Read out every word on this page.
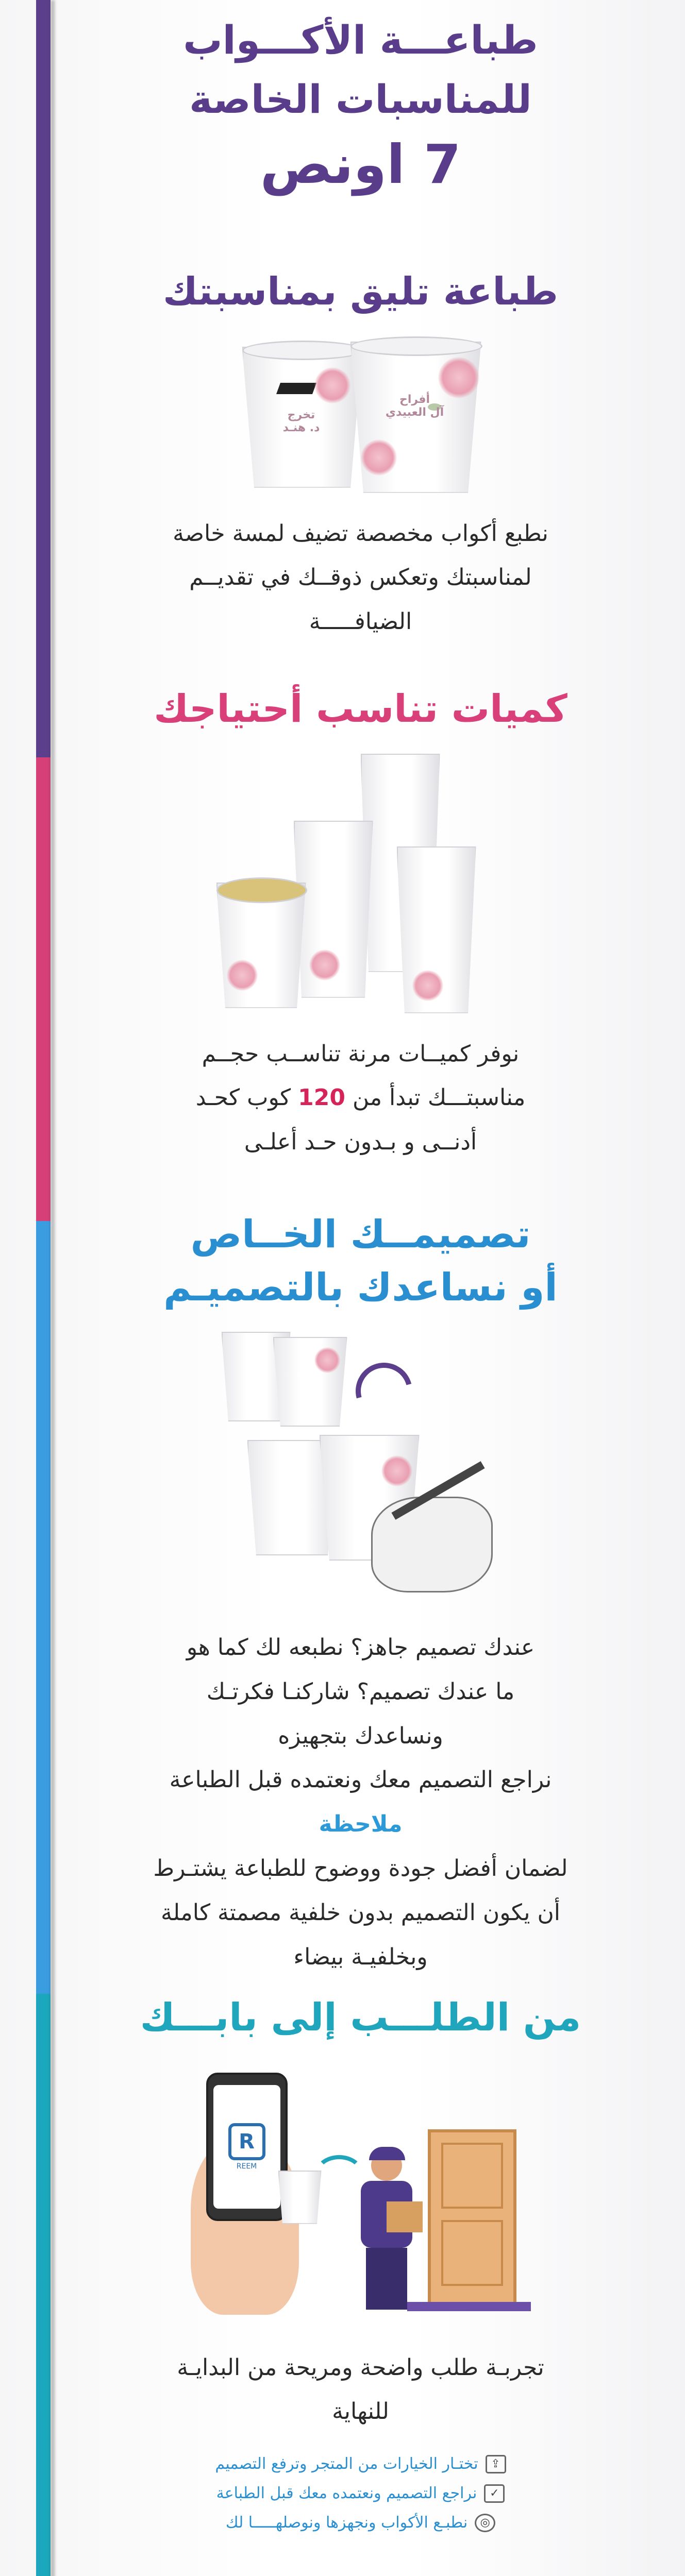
طباعـــة الأكـــواب

للمناسبات الخاصة

7 اونص

طباعة تليق بمناسبتك

تخرج
د. هنـد
أفراح
آل العبيدي

نطبع أكواب مخصصة تضيف لمسة خاصة

لمناسبتك وتعكس ذوقــك في تقديــم

الضيافـــــة

كميات تناسب أحتياجك

نوفر كميــات مرنة تناســب حجــم

مناسبتـــك تبدأ من 120 كوب كحـد

أدنــى و بـدون حـد أعلـى

تصميمــك الخــاص

أو نساعدك بالتصميـم

عندك تصميم جاهز؟ نطبعه لك كما هو

ما عندك تصميم؟ شاركنـا فكرتـك

ونساعدك بتجهيزه

نراجع التصميم معك ونعتمده قبل الطباعة

ملاحظة

لضمان أفضل جودة ووضوح للطباعة يشتـرط

أن يكون التصميم بدون خلفية مصمتة كاملة

وبخلفيـة بيضاء

من الطلـــب إلى بابـــك

R
REEM

تجربـة طلب واضحة ومريحة من البدايـة

للنهاية

⇪
تختـار الخيارات من المتجر وترفع التصميم
✓
نراجع التصميم ونعتمده معك قبل الطباعة
◎
نطبـع الأكواب ونجهزها ونوصلهـــــا لك
